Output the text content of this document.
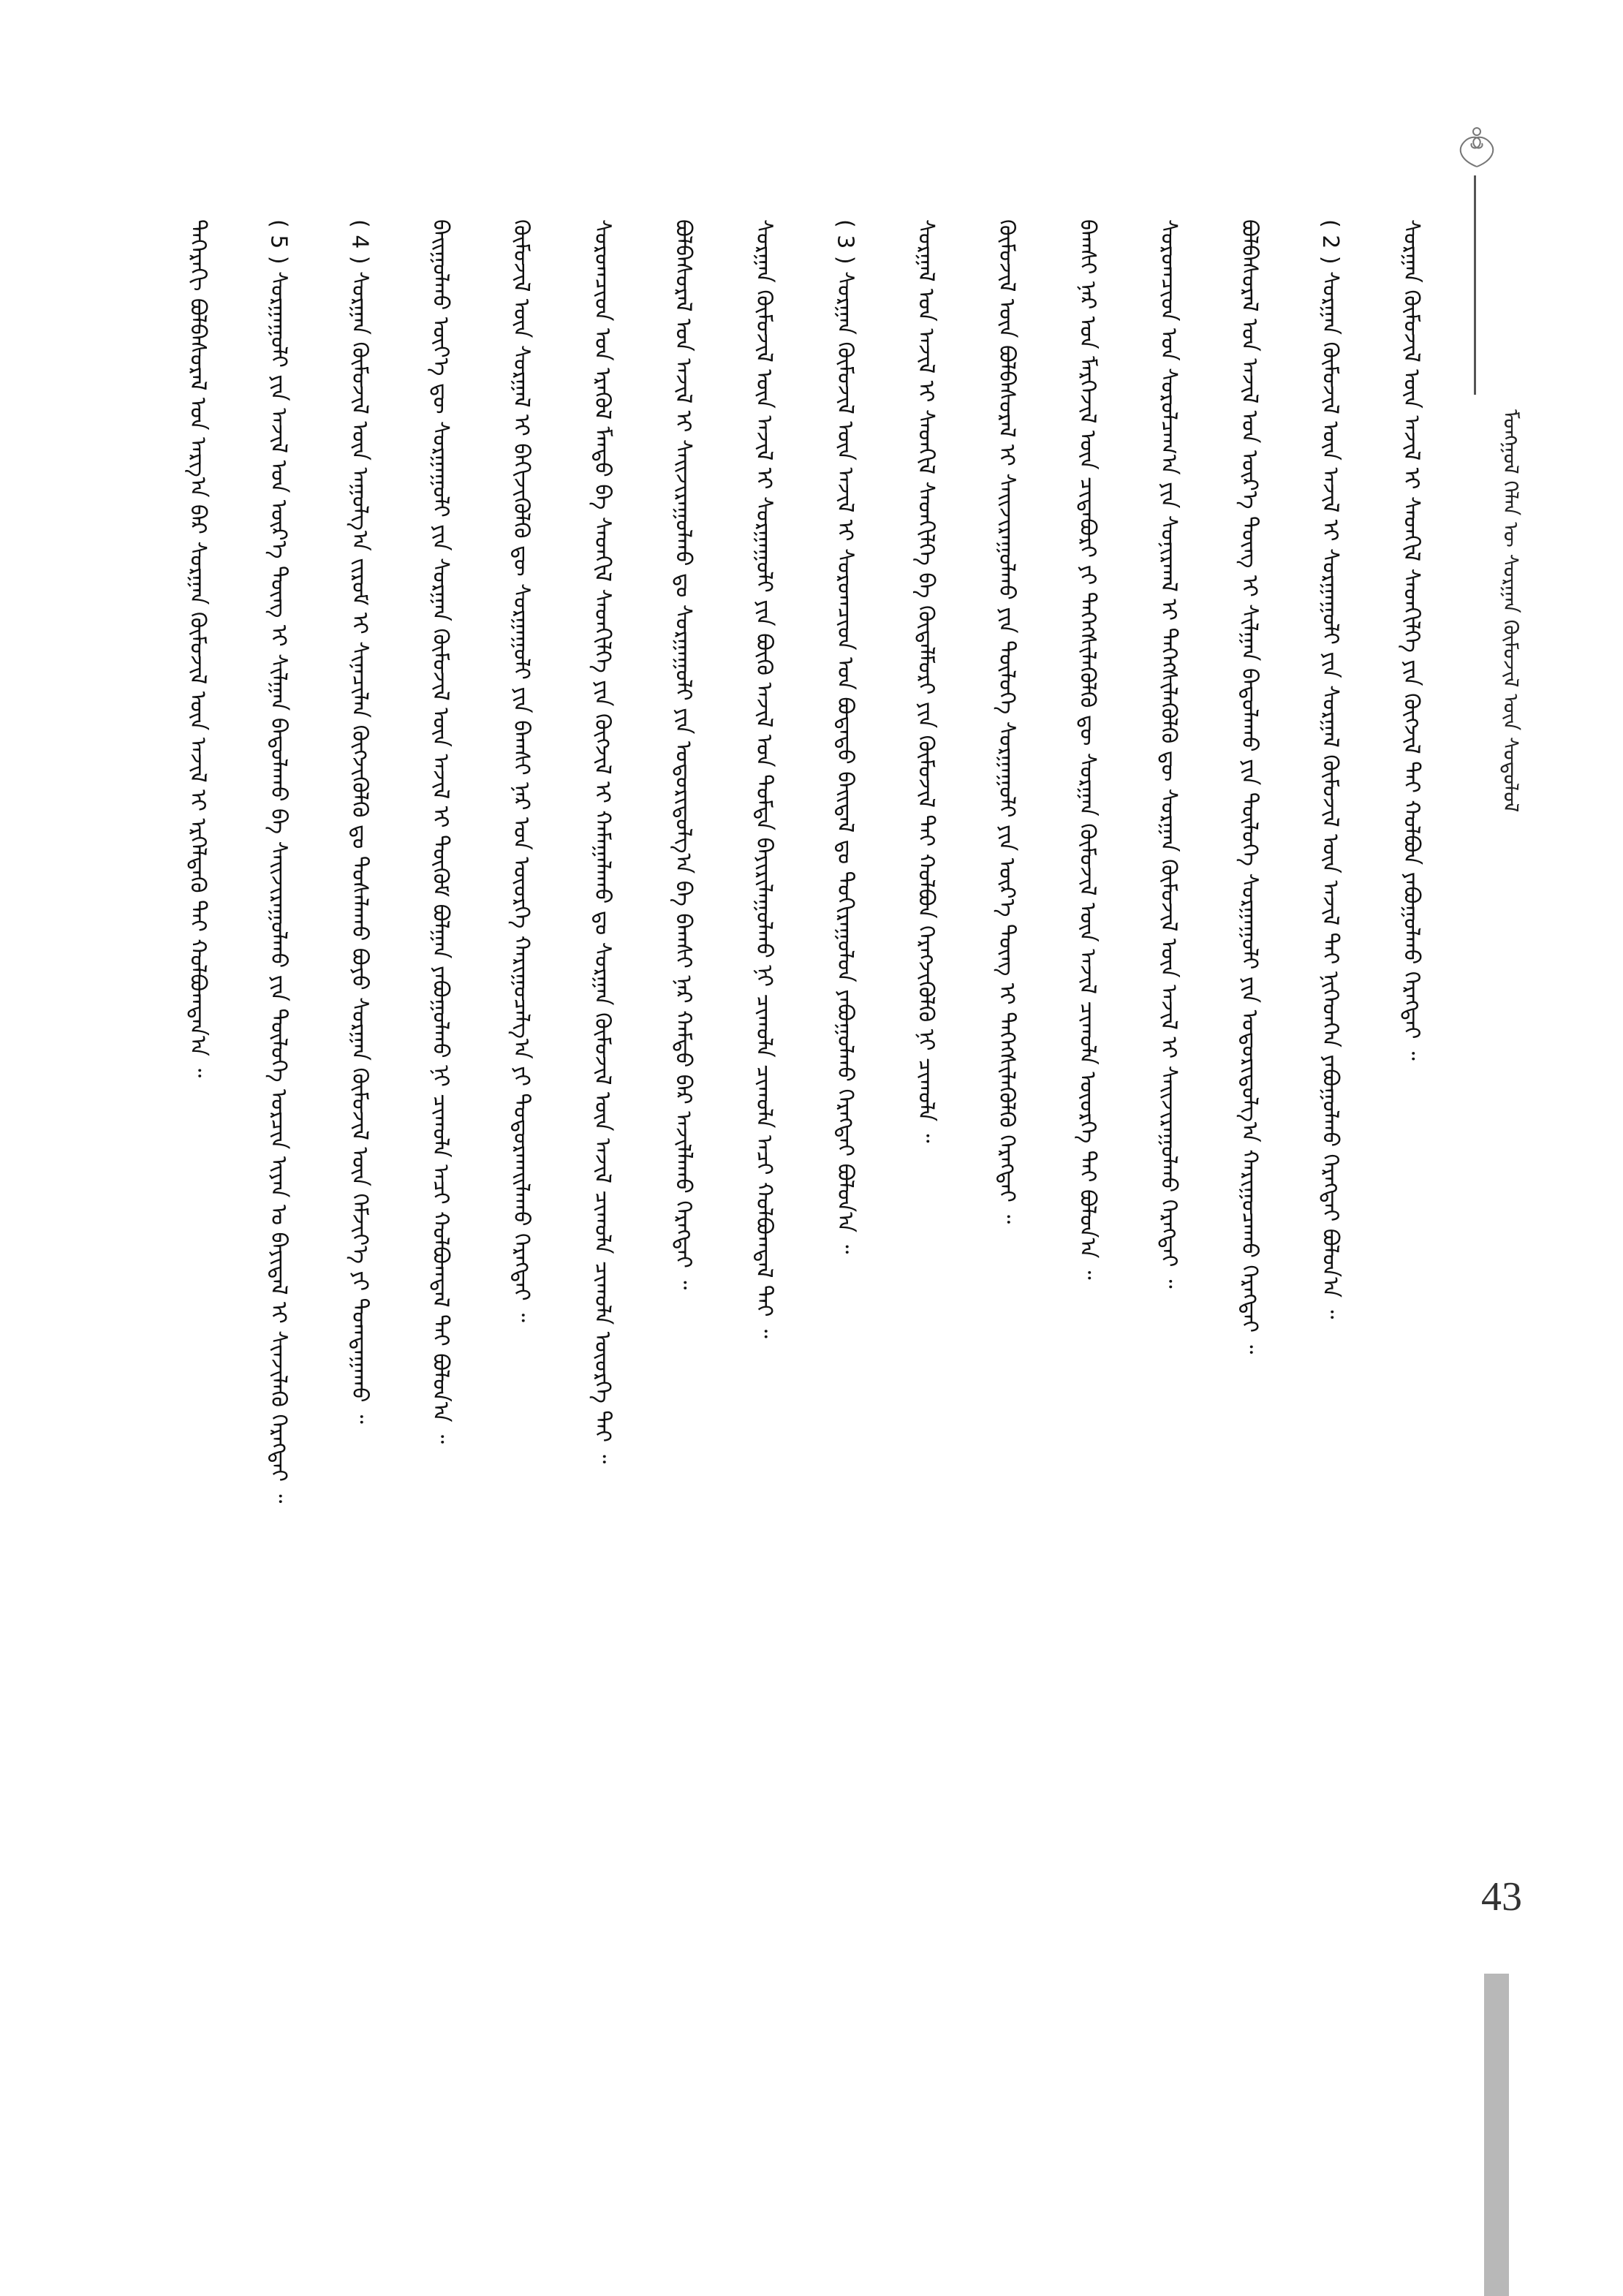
ᠮᠣᠩᠭᠣᠯ ᠬᠡᠯᠡᠨ ᠦ ᠰᠤᠷᠭᠠᠨ ᠬᠦᠮᠦᠵᠢᠯ ᠦᠨ ᠰᠤᠳᠤᠯᠤᠯ
43
ᠳᠡᠭᠡᠷᠡᠬᠢ ᠪᠣᠯᠪᠠᠰᠤᠷᠠᠯ ᠤᠨ ᠠᠷᠭ᠎ᠠ ᠪᠠᠷ ᠰᠤᠷᠭᠠᠨ ᠬᠦᠮᠦᠵᠢᠯ ᠦᠨ ᠠᠵᠢᠯ ᠢ ᠡᠷᠭᠡᠯᠳᠡᠬᠦ ᠲᠠᠢ ᠬᠣᠯᠪᠣᠭᠳᠠᠨ᠎ᠠ ᠃	( 5 ) ᠰᠤᠷᠭᠠᠭᠤᠯᠢ ᠶᠢᠨ ᠠᠵᠢᠯ ᠤᠨ ᠦᠷ᠎ᠡ ᠳᠦᠩ ᠢ ᠰᠢᠯᠭᠠᠨ ᠪᠠᠲᠤᠯᠠᠬᠤ ᠪᠠ ᠰᠠᠢᠵᠢᠷᠠᠭᠤᠯᠬᠤ ᠶᠢᠨ ᠲᠥᠯᠥᠭᠡ ᠣᠷᠴᠢᠨ ᠢᠶᠡᠨ ᠤ ᠪᠠᠶᠢᠳᠠᠯ ᠢ ᠰᠢᠨᠵᠢᠯᠡᠬᠦ ᠬᠡᠷᠡᠭᠲᠡᠢ ᠃	( 4 ) ᠰᠤᠷᠭᠠᠨ ᠬᠦᠮᠦᠵᠢᠯ ᠦᠨ ᠠᠭᠤᠯᠭ᠎ᠠ ᠵᠢᠷᠤᠮ ᠢ ᠰᠢᠨᠡᠴᠢᠯᠡᠨ ᠬᠥᠭᠵᠢᠭᠦᠯᠬᠦ ᠳᠤ ᠲᠤᠰᠠᠯᠠᠬᠤ ᠪᠤᠶᠤ ᠰᠤᠷᠭᠠᠨ ᠬᠦᠮᠦᠵᠢᠯ ᠦᠨ ᠬᠡᠮᠵᠢᠶ᠎ᠡ ᠶᠢ ᠲᠣᠭᠲᠠᠭᠠᠬᠤ ᠃	ᠪᠠᠢᠭᠤᠯᠬᠤ ᠦᠶ᠎ᠡ ᠳᠦ ᠰᠤᠷᠭᠠᠭᠤᠯᠢ ᠶᠢᠨ ᠰᠤᠷᠭᠠᠨ ᠬᠦᠮᠦᠵᠢᠯ ᠦᠨ ᠠᠵᠢᠯ ᠢ ᠳᠦᠭᠦᠮ ᠪᠣᠯᠭᠠᠨ ᠶᠠᠪᠤᠭᠤᠯᠬᠤ ᠨᠢ ᠴᠢᠬᠤᠯᠠ ᠠᠴᠢ ᠬᠣᠯᠪᠣᠭᠳᠠᠯ ᠲᠠᠢ ᠪᠣᠯᠤᠨ᠎ᠠ ᠃	ᠬᠦᠮᠦᠵᠢᠯ ᠦᠨ ᠰᠤᠷᠭᠠᠯ ᠢ ᠪᠡᠬᠢᠵᠢᠭᠦᠯᠬᠦ ᠳᠦ ᠰᠤᠷᠭᠠᠭᠤᠯᠢ ᠶᠢᠨ ᠪᠠᠭᠰᠢ ᠨᠠᠷ ᠤᠨ ᠦᠦᠷᠭᠡ ᠬᠠᠷᠢᠭᠤᠴᠠᠯᠭ᠎ᠠ ᠶᠢ ᠲᠣᠳᠤᠷᠬᠠᠢᠯᠠᠬᠤ ᠬᠡᠷᠡᠭᠲᠡᠢ ᠃	ᠰᠤᠷᠤᠭᠴᠢᠳ ᠤᠨ ᠡᠷᠡᠭᠦᠯ ᠮᠡᠨᠳᠦ ᠪᠠ ᠰᠡᠳᠬᠢᠯ ᠰᠡᠳᠬᠢᠯᠭᠡ ᠶᠢᠨ ᠬᠥᠭᠵᠢᠯ ᠢ ᠬᠠᠮᠠᠭᠠᠯᠠᠬᠤ ᠳᠤ ᠰᠤᠷᠭᠠᠨ ᠬᠦᠮᠦᠵᠢᠯ ᠦᠨ ᠠᠵᠢᠯ ᠴᠢᠬᠤᠯᠠ ᠴᠢᠬᠤᠯᠠ ᠦᠦᠷᠭᠡ ᠲᠡᠢ ᠃	ᠪᠣᠯᠪᠠᠰᠤᠷᠠᠯ ᠤᠨ ᠠᠵᠢᠯ ᠢ ᠰᠠᠢᠵᠢᠷᠠᠭᠤᠯᠬᠤ ᠳᠤ ᠰᠤᠷᠭᠠᠭᠤᠯᠢ ᠶᠢᠨ ᠤᠳᠤᠷᠢᠳᠤᠯᠭ᠎ᠠ ᠪᠠ ᠪᠠᠭᠰᠢ ᠨᠠᠷ ᠬᠠᠮᠲᠤ ᠪᠠᠷ ᠠᠵᠢᠯᠯᠠᠬᠤ ᠬᠡᠷᠡᠭᠲᠡᠢ ᠃	ᠰᠤᠷᠭᠠᠨ ᠬᠦᠮᠦᠵᠢᠯ ᠦᠨ ᠠᠵᠢᠯ ᠢ ᠰᠤᠷᠭᠠᠭᠤᠯᠢ ᠶᠢᠨ ᠪᠦᠬᠦ ᠠᠵᠢᠯ ᠤᠨ ᠳᠤᠮᠳᠠ ᠪᠠᠶᠢᠷᠢᠯᠠᠭᠤᠯᠬᠤ ᠨᠢ ᠴᠢᠬᠤᠯᠠ ᠴᠢᠬᠤᠯᠠ ᠠᠴᠢ ᠬᠣᠯᠪᠣᠭᠳᠠᠯ ᠲᠠᠢ ᠃	( 3 ) ᠰᠤᠷᠭᠠᠨ ᠬᠦᠮᠦᠵᠢᠯ ᠦᠨ ᠠᠵᠢᠯ ᠢ ᠰᠤᠷᠤᠭᠴᠢᠳ ᠤᠨ ᠪᠣᠳᠠᠳᠤ ᠪᠠᠢᠳᠠᠯ ᠳᠤ ᠲᠣᠬᠢᠷᠠᠭᠤᠯᠤᠨ ᠶᠠᠪᠤᠭᠤᠯᠬᠤ ᠬᠡᠷᠡᠭᠲᠡᠢ ᠪᠣᠯᠤᠨ᠎ᠠ ᠃	ᠰᠤᠷᠭᠠᠯ ᠤᠨ ᠠᠵᠢᠯ ᠢ ᠰᠡᠳᠬᠢᠯ ᠰᠡᠳᠬᠢᠯᠭᠡ ᠪᠠ ᠬᠥᠳᠡᠯᠮᠦᠷᠢ ᠶᠢᠨ ᠬᠦᠮᠦᠵᠢᠯ ᠲᠡᠢ ᠬᠣᠯᠪᠣᠨ ᠬᠡᠷᠡᠭᠵᠢᠭᠦᠯᠬᠦ ᠨᠢ ᠴᠢᠬᠤᠯᠠ ᠃	ᠬᠦᠮᠦᠵᠢᠯ ᠦᠨ ᠪᠣᠯᠪᠠᠰᠤᠷᠠᠯ ᠢ ᠰᠠᠢᠵᠢᠷᠠᠭᠤᠯᠬᠤ ᠶᠢᠨ ᠲᠥᠯᠥᠭᠡ ᠰᠤᠷᠭᠠᠭᠤᠯᠢ ᠶᠢᠨ ᠦᠷ᠎ᠡ ᠳᠦᠩ ᠢ ᠳᠡᠭᠡᠭᠰᠢᠯᠡᠭᠦᠯᠬᠦ ᠬᠡᠷᠡᠭᠲᠡᠢ ᠃	ᠪᠠᠭᠰᠢ ᠨᠠᠷ ᠤᠨ ᠮᠡᠷᠭᠡᠵᠢᠯ ᠦᠨ ᠴᠢᠳᠠᠪᠤᠷᠢ ᠶᠢ ᠳᠡᠭᠡᠭᠰᠢᠯᠡᠭᠦᠯᠬᠦ ᠳᠦ ᠰᠤᠷᠭᠠᠨ ᠬᠦᠮᠦᠵᠢᠯ ᠦᠨ ᠠᠵᠢᠯ ᠴᠢᠬᠤᠯᠠ ᠦᠦᠷᠭᠡ ᠲᠡᠢ ᠪᠣᠯᠤᠨ᠎ᠠ ᠃	ᠰᠤᠷᠤᠭᠴᠢᠳ ᠤᠨ ᠰᠤᠷᠤᠯᠴᠠᠭ᠎ᠠ ᠶᠢᠨ ᠰᠣᠨᠢᠷᠬᠠᠯ ᠢ ᠳᠡᠭᠡᠭᠰᠢᠯᠡᠭᠦᠯᠬᠦ ᠳᠦ ᠰᠤᠷᠭᠠᠨ ᠬᠦᠮᠦᠵᠢᠯ ᠦᠨ ᠠᠵᠢᠯ ᠢ ᠰᠠᠢᠵᠢᠷᠠᠭᠤᠯᠬᠤ ᠬᠡᠷᠡᠭᠲᠡᠢ ᠃	ᠪᠣᠯᠪᠠᠰᠤᠷᠠᠯ ᠤᠨ ᠠᠵᠢᠯ ᠤᠨ ᠦᠷ᠎ᠡ ᠳᠦᠩ ᠢ ᠰᠢᠯᠭᠠᠨ ᠪᠠᠲᠤᠯᠠᠬᠤ ᠶᠢᠨ ᠲᠥᠯᠥᠭᠡ ᠰᠤᠷᠭᠠᠭᠤᠯᠢ ᠶᠢᠨ ᠤᠳᠤᠷᠢᠳᠤᠯᠭ᠎ᠠ ᠬᠠᠷᠢᠭᠤᠴᠠᠬᠤ ᠬᠡᠷᠡᠭᠲᠡᠢ ᠃	( 2 ) ᠰᠤᠷᠭᠠᠨ ᠬᠦᠮᠦᠵᠢᠯ ᠦᠨ ᠠᠵᠢᠯ ᠢ ᠰᠤᠷᠭᠠᠭᠤᠯᠢ ᠶᠢᠨ ᠰᠤᠷᠭᠠᠯ ᠬᠦᠮᠦᠵᠢᠯ ᠦᠨ ᠠᠵᠢᠯ ᠲᠠᠢ ᠨᠢᠭᠡᠳᠭᠡᠨ ᠶᠠᠪᠤᠭᠤᠯᠬᠤ ᠬᠡᠷᠡᠭᠲᠡᠢ ᠪᠣᠯᠤᠨ᠎ᠠ ᠃	ᠰᠤᠷᠭᠠᠨ ᠬᠦᠮᠦᠵᠢᠯ ᠦᠨ ᠠᠵᠢᠯ ᠢ ᠰᠡᠳᠬᠢᠯ ᠰᠡᠳᠬᠢᠯᠭᠡ ᠶᠢᠨ ᠬᠥᠭᠵᠢᠯ ᠲᠡᠢ ᠬᠣᠯᠪᠣᠨ ᠶᠠᠪᠤᠭᠤᠯᠬᠤ ᠬᠡᠷᠡᠭᠲᠡᠢ ᠃
